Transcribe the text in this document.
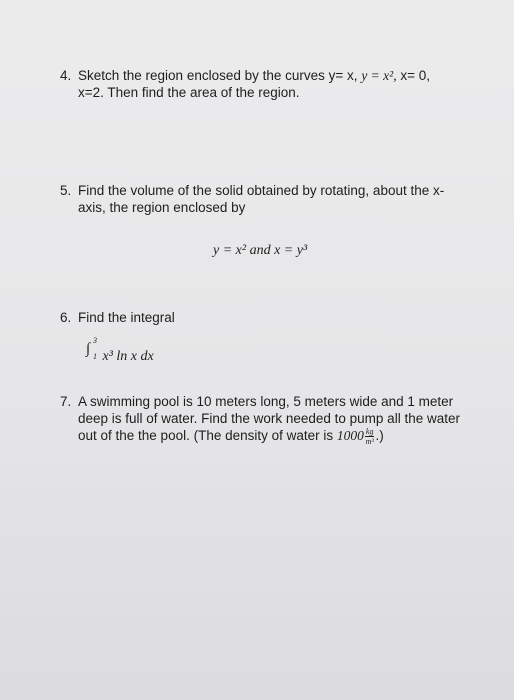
4. Sketch the region enclosed by the curves y= x, y = x², x= 0,
x=2. Then find the area of the region.
5. Find the volume of the solid obtained by rotating, about the x-
axis, the region enclosed by
y = x² and x = y³
6. Find the integral
∫
3
1 x³ ln x dx
7. A swimming pool is 10 meters long, 5 meters wide and 1 meter
deep is full of water. Find the work needed to pump all the water
out of the the pool. (The density of water is $1000 \frac{kg}{\text{m³}}$ .)
